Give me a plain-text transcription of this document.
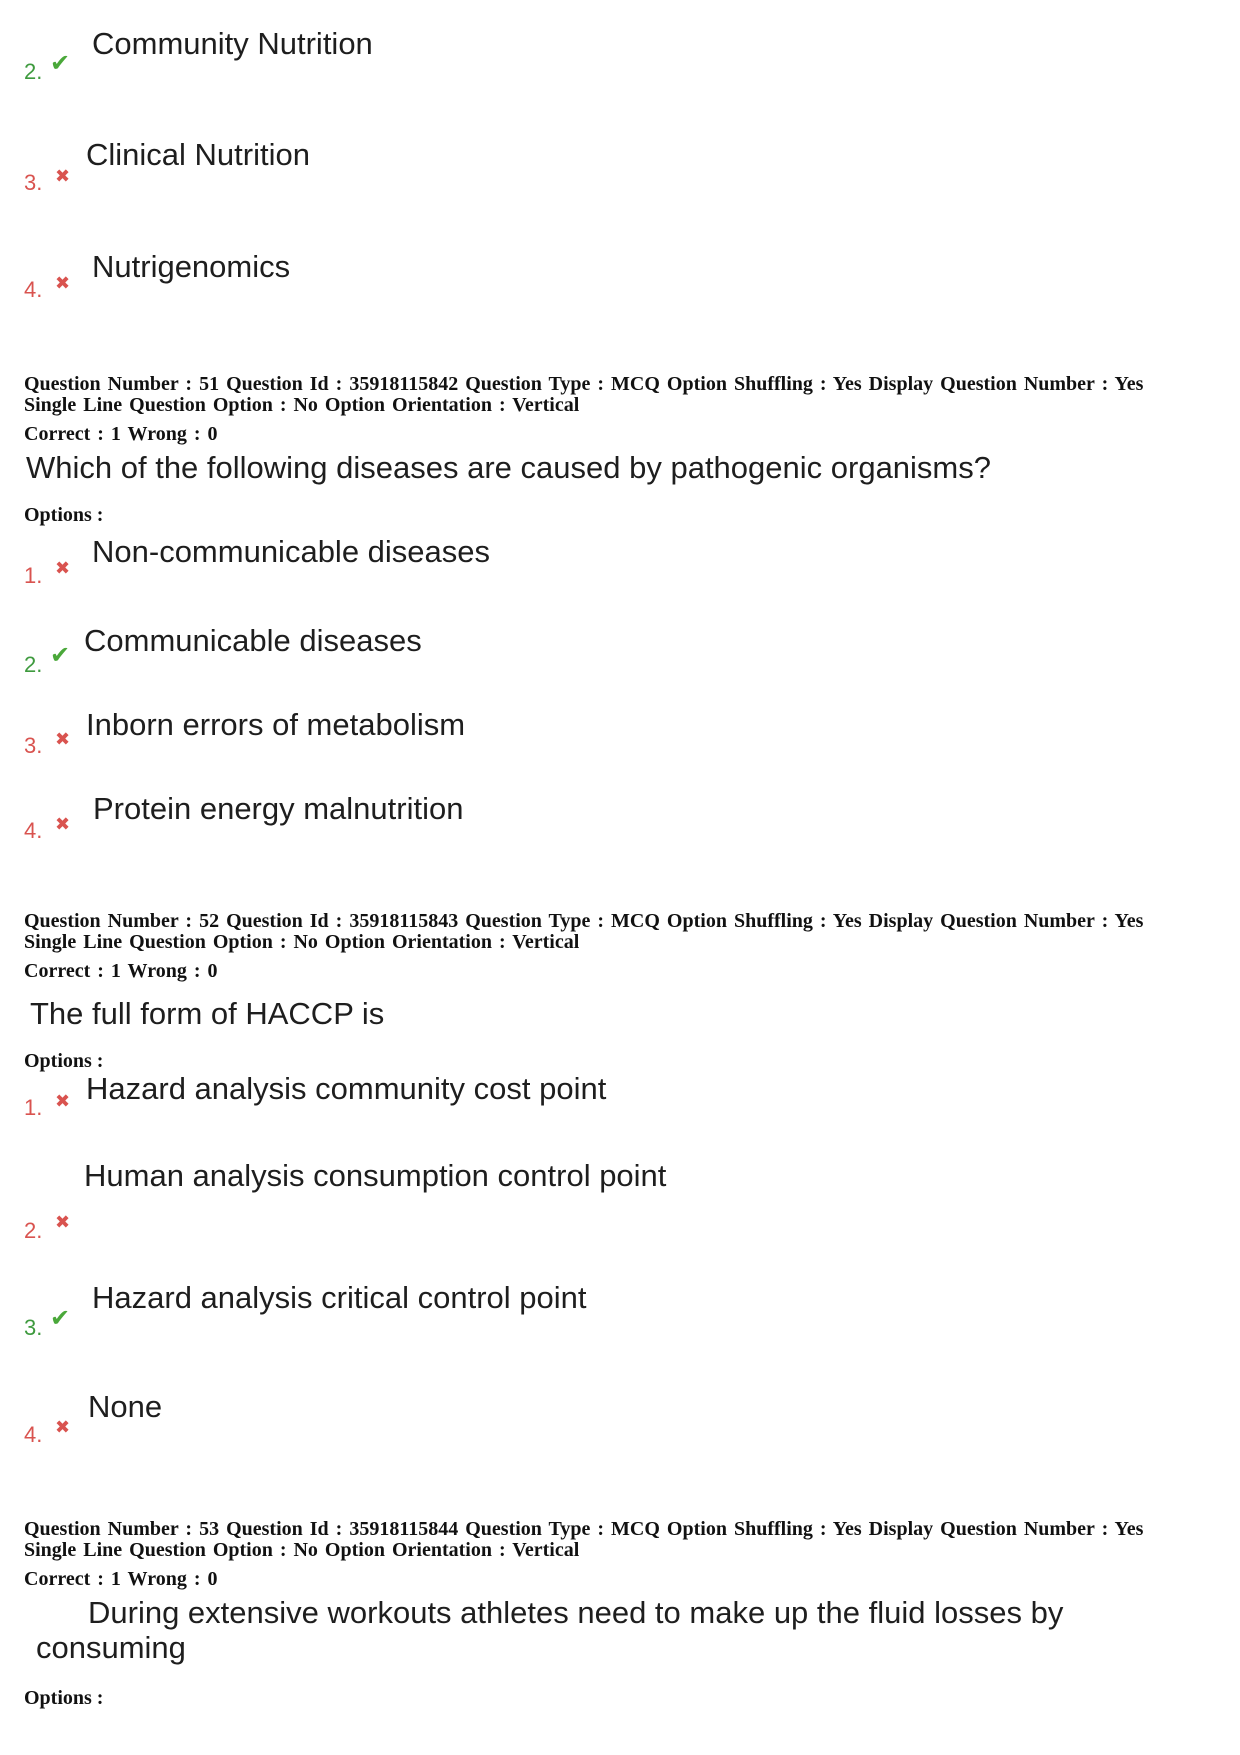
2. ✔
Community Nutrition
3. ✖
Clinical Nutrition
4. ✖ Nutrigenomics
Question Number : 51 Question Id : 35918115842 Question Type : MCQ Option Shuffling : Yes Display Question Number : Yes
Single Line Question Option : No Option Orientation : Vertical
Correct : 1 Wrong : 0
Which of the following diseases are caused by pathogenic organisms?
Options :
1. ✖ Non-communicable diseases
2. ✔ Communicable diseases
3. ✖ Inborn errors of metabolism
4. ✖ Protein energy malnutrition
Question Number : 52 Question Id : 35918115843 Question Type : MCQ Option Shuffling : Yes Display Question Number : Yes
Single Line Question Option : No Option Orientation : Vertical
Correct : 1 Wrong : 0
The full form of HACCP is
Options :
1. ✖ Hazard analysis community cost point
2. ✖
Human analysis consumption control point
3. ✔
Hazard analysis critical control point
4. ✖
None
Question Number : 53 Question Id : 35918115844 Question Type : MCQ Option Shuffling : Yes Display Question Number : Yes
Single Line Question Option : No Option Orientation : Vertical
Correct : 1 Wrong : 0
During extensive workouts athletes need to make up the fluid losses by
consuming
Options :
